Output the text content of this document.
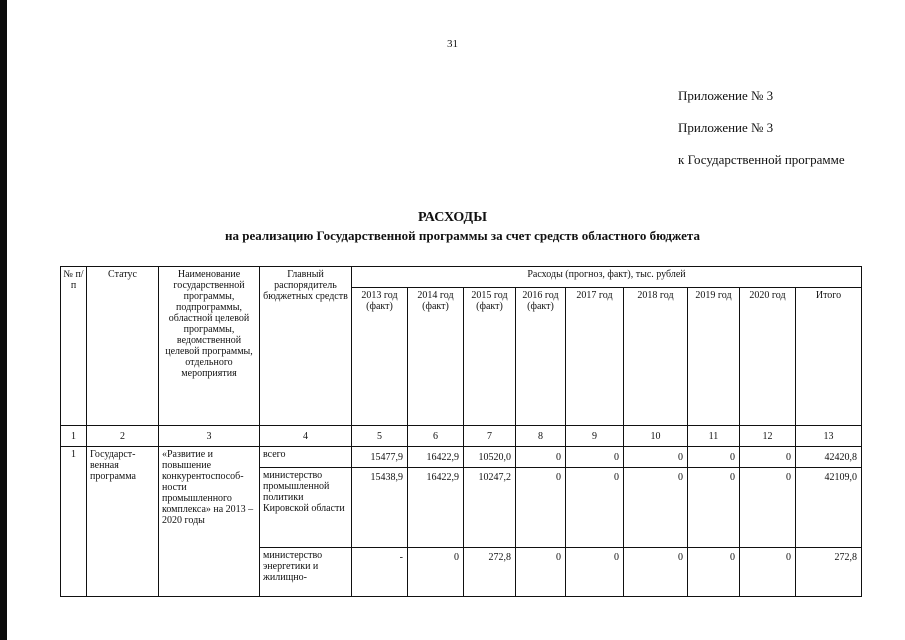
31
Приложение № 3
Приложение № 3
к Государственной программе
РАСХОДЫ
на реализацию Государственной программы за счет средств областного бюджета
№ п/п	Статус	Наименование государственной программы, подпрограммы, областной целевой программы, ведомственной целевой программы, отдельного мероприятия	Главный распорядитель бюджетных средств	Расходы (прогноз, факт), тыс. рублей								
				2013 год (факт)	2014 год (факт)	2015 год (факт)	2016 год (факт)	2017 год	2018 год	2019 год	2020 год	Итого
1	2	3	4	5	6	7	8	9	10	11	12	13
1	Государст-венная программа	«Развитие и повышение конкурентоспособ-ности промышленного комплекса» на 2013 – 2020 годы	всего	15477,9	16422,9	10520,0	0	0	0	0	0	42420,8
			министерство промышленной политики Кировской области	15438,9	16422,9	10247,2	0	0	0	0	0	42109,0
			министерство энергетики и жилищно-	-	0	272,8	0	0	0	0	0	272,8
